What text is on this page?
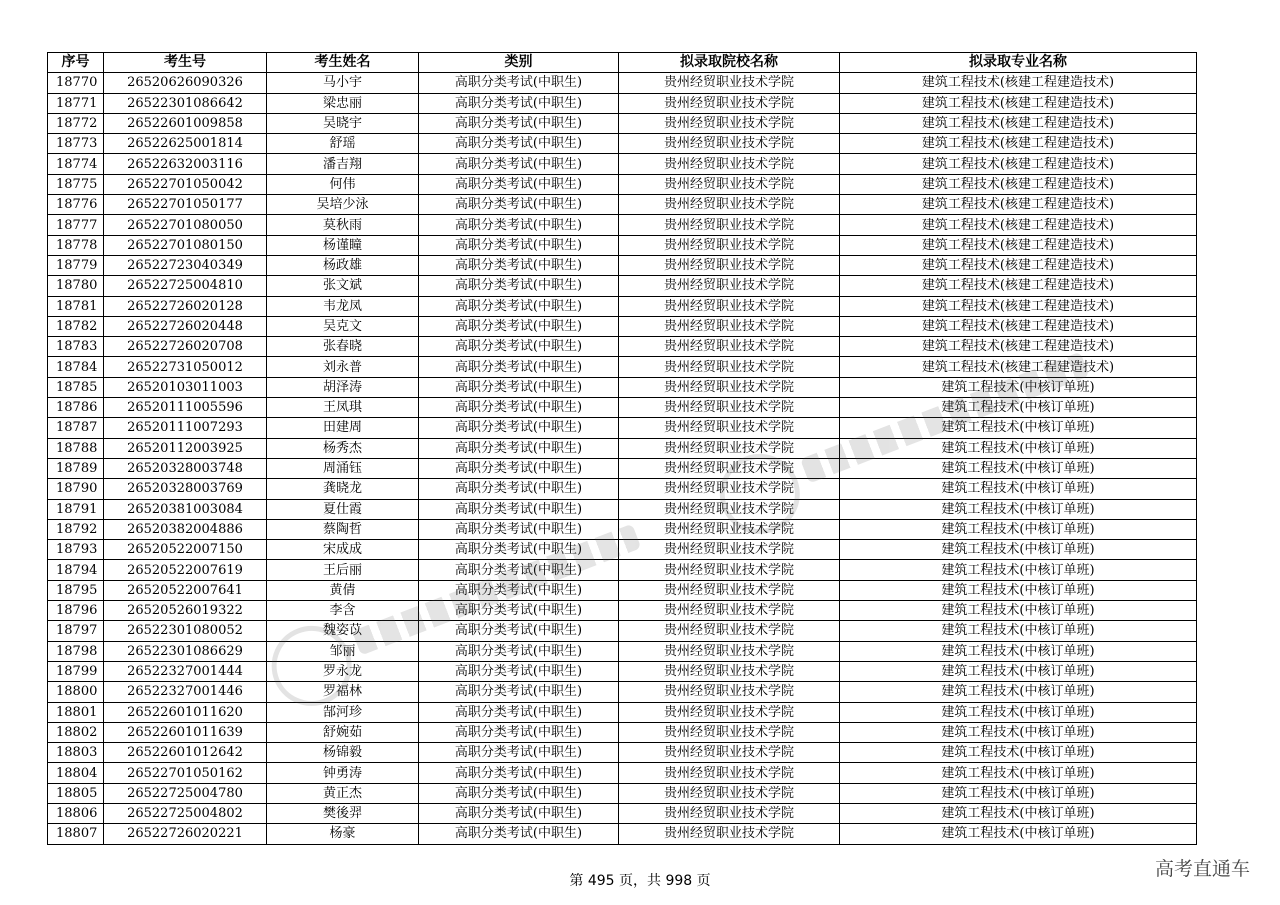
序号	考生号	考生姓名	类别	拟录取院校名称	拟录取专业名称
18770	26520626090326	马小宇	高职分类考试(中职生)	贵州经贸职业技术学院	建筑工程技术(核建工程建造技术)
18771	26522301086642	梁忠丽	高职分类考试(中职生)	贵州经贸职业技术学院	建筑工程技术(核建工程建造技术)
18772	26522601009858	吴晓宇	高职分类考试(中职生)	贵州经贸职业技术学院	建筑工程技术(核建工程建造技术)
18773	26522625001814	舒瑶	高职分类考试(中职生)	贵州经贸职业技术学院	建筑工程技术(核建工程建造技术)
18774	26522632003116	潘吉翔	高职分类考试(中职生)	贵州经贸职业技术学院	建筑工程技术(核建工程建造技术)
18775	26522701050042	何伟	高职分类考试(中职生)	贵州经贸职业技术学院	建筑工程技术(核建工程建造技术)
18776	26522701050177	吴培少泳	高职分类考试(中职生)	贵州经贸职业技术学院	建筑工程技术(核建工程建造技术)
18777	26522701080050	莫秋雨	高职分类考试(中职生)	贵州经贸职业技术学院	建筑工程技术(核建工程建造技术)
18778	26522701080150	杨谨瞳	高职分类考试(中职生)	贵州经贸职业技术学院	建筑工程技术(核建工程建造技术)
18779	26522723040349	杨政雄	高职分类考试(中职生)	贵州经贸职业技术学院	建筑工程技术(核建工程建造技术)
18780	26522725004810	张文斌	高职分类考试(中职生)	贵州经贸职业技术学院	建筑工程技术(核建工程建造技术)
18781	26522726020128	韦龙凤	高职分类考试(中职生)	贵州经贸职业技术学院	建筑工程技术(核建工程建造技术)
18782	26522726020448	吴克文	高职分类考试(中职生)	贵州经贸职业技术学院	建筑工程技术(核建工程建造技术)
18783	26522726020708	张春晓	高职分类考试(中职生)	贵州经贸职业技术学院	建筑工程技术(核建工程建造技术)
18784	26522731050012	刘永普	高职分类考试(中职生)	贵州经贸职业技术学院	建筑工程技术(核建工程建造技术)
18785	26520103011003	胡泽涛	高职分类考试(中职生)	贵州经贸职业技术学院	建筑工程技术(中核订单班)
18786	26520111005596	王凤琪	高职分类考试(中职生)	贵州经贸职业技术学院	建筑工程技术(中核订单班)
18787	26520111007293	田建周	高职分类考试(中职生)	贵州经贸职业技术学院	建筑工程技术(中核订单班)
18788	26520112003925	杨秀杰	高职分类考试(中职生)	贵州经贸职业技术学院	建筑工程技术(中核订单班)
18789	26520328003748	周涌钰	高职分类考试(中职生)	贵州经贸职业技术学院	建筑工程技术(中核订单班)
18790	26520328003769	龚晓龙	高职分类考试(中职生)	贵州经贸职业技术学院	建筑工程技术(中核订单班)
18791	26520381003084	夏仕霞	高职分类考试(中职生)	贵州经贸职业技术学院	建筑工程技术(中核订单班)
18792	26520382004886	蔡陶哲	高职分类考试(中职生)	贵州经贸职业技术学院	建筑工程技术(中核订单班)
18793	26520522007150	宋成成	高职分类考试(中职生)	贵州经贸职业技术学院	建筑工程技术(中核订单班)
18794	26520522007619	王后丽	高职分类考试(中职生)	贵州经贸职业技术学院	建筑工程技术(中核订单班)
18795	26520522007641	黄倩	高职分类考试(中职生)	贵州经贸职业技术学院	建筑工程技术(中核订单班)
18796	26520526019322	李含	高职分类考试(中职生)	贵州经贸职业技术学院	建筑工程技术(中核订单班)
18797	26522301080052	魏姿苡	高职分类考试(中职生)	贵州经贸职业技术学院	建筑工程技术(中核订单班)
18798	26522301086629	邹丽	高职分类考试(中职生)	贵州经贸职业技术学院	建筑工程技术(中核订单班)
18799	26522327001444	罗永龙	高职分类考试(中职生)	贵州经贸职业技术学院	建筑工程技术(中核订单班)
18800	26522327001446	罗福林	高职分类考试(中职生)	贵州经贸职业技术学院	建筑工程技术(中核订单班)
18801	26522601011620	郜河珍	高职分类考试(中职生)	贵州经贸职业技术学院	建筑工程技术(中核订单班)
18802	26522601011639	舒婉茹	高职分类考试(中职生)	贵州经贸职业技术学院	建筑工程技术(中核订单班)
18803	26522601012642	杨锦毅	高职分类考试(中职生)	贵州经贸职业技术学院	建筑工程技术(中核订单班)
18804	26522701050162	钟勇涛	高职分类考试(中职生)	贵州经贸职业技术学院	建筑工程技术(中核订单班)
18805	26522725004780	黄正杰	高职分类考试(中职生)	贵州经贸职业技术学院	建筑工程技术(中核订单班)
18806	26522725004802	樊後羿	高职分类考试(中职生)	贵州经贸职业技术学院	建筑工程技术(中核订单班)
18807	26522726020221	杨豪	高职分类考试(中职生)	贵州经贸职业技术学院	建筑工程技术(中核订单班)
第 495 页，共 998 页
高考直通车
